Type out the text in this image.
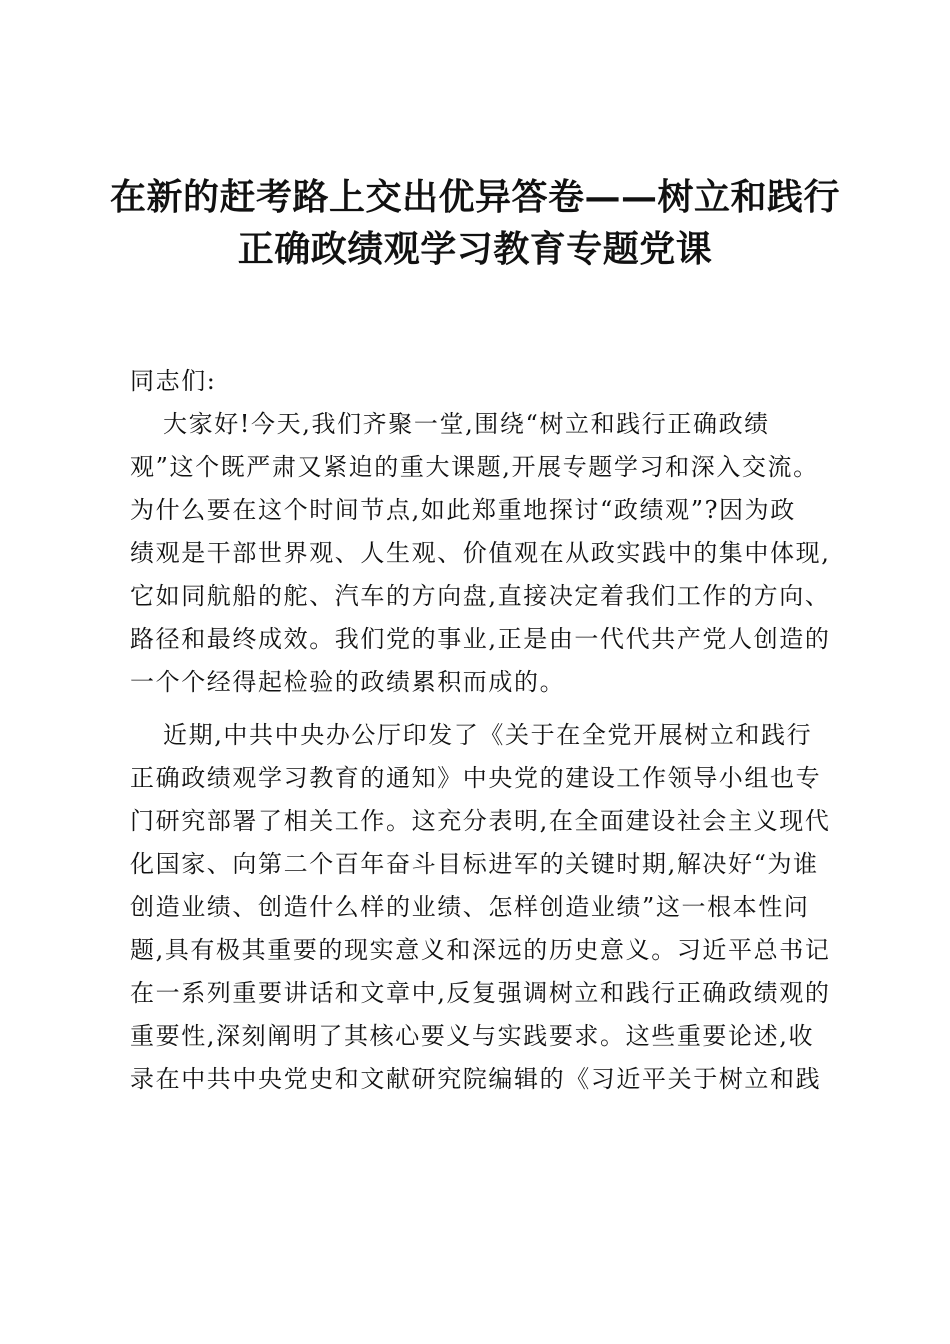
在新的赶考路上交出优异答卷——树立和践行
正确政绩观学习教育专题党课
同志们:
大家好!今天,我们齐聚一堂,围绕“树立和践行正确政绩
观”这个既严肃又紧迫的重大课题,开展专题学习和深入交流。
为什么要在这个时间节点,如此郑重地探讨“政绩观”?因为政
绩观是干部世界观、人生观、价值观在从政实践中的集中体现,
它如同航船的舵、汽车的方向盘,直接决定着我们工作的方向、
路径和最终成效。我们党的事业,正是由一代代共产党人创造的
一个个经得起检验的政绩累积而成的。
近期,中共中央办公厅印发了《关于在全党开展树立和践行
正确政绩观学习教育的通知》中央党的建设工作领导小组也专
门研究部署了相关工作。这充分表明,在全面建设社会主义现代
化国家、向第二个百年奋斗目标进军的关键时期,解决好“为谁
创造业绩、创造什么样的业绩、怎样创造业绩”这一根本性问
题,具有极其重要的现实意义和深远的历史意义。习近平总书记
在一系列重要讲话和文章中,反复强调树立和践行正确政绩观的
重要性,深刻阐明了其核心要义与实践要求。这些重要论述,收
录在中共中央党史和文献研究院编辑的《习近平关于树立和践
